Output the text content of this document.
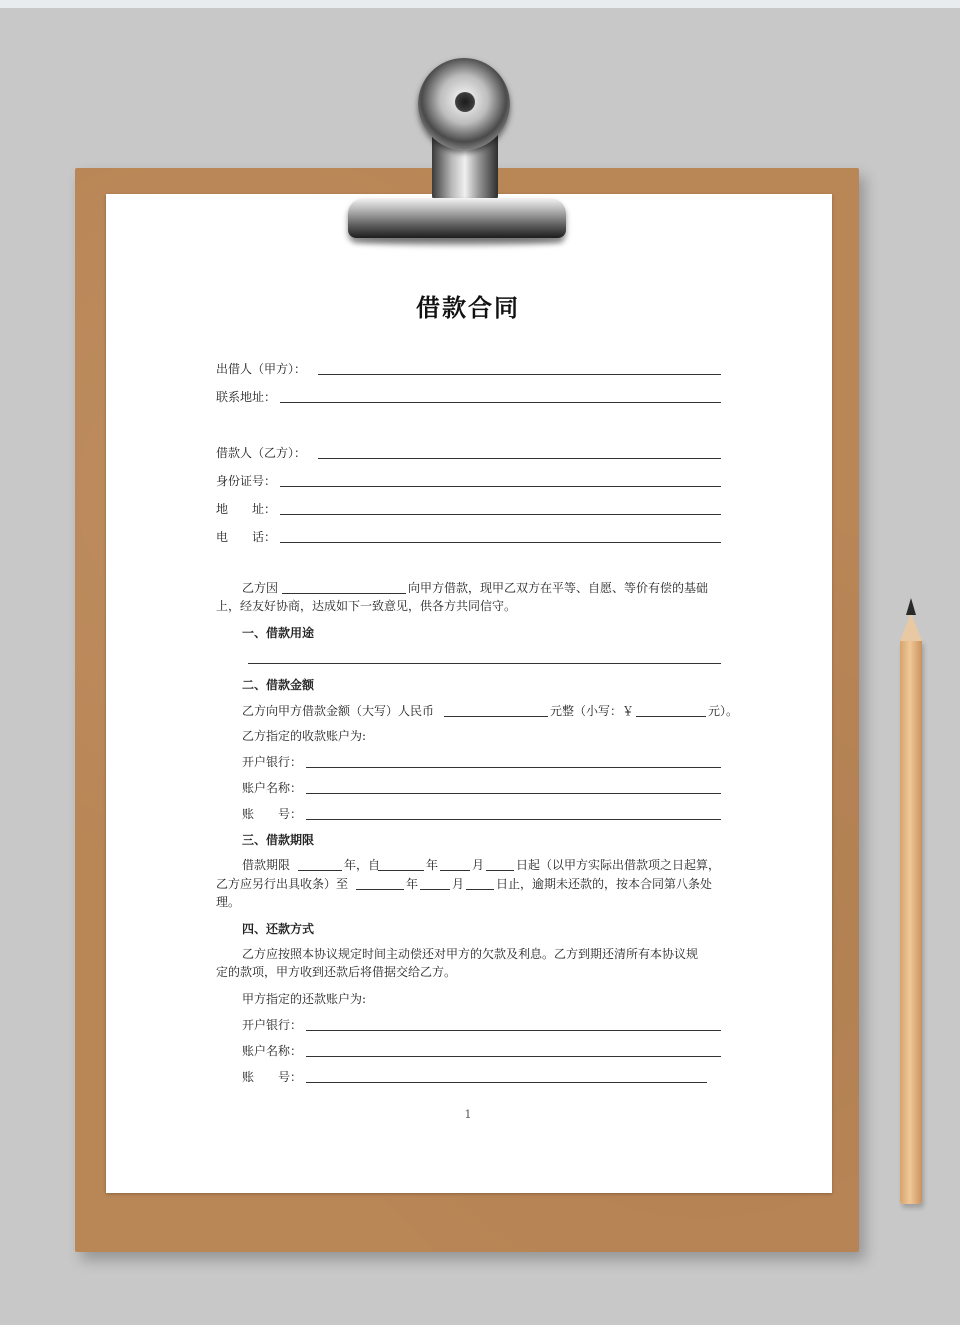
借款合同
出借人（甲方）：
联系地址：
借款人（乙方）：
身份证号：
地　　址：
电　　话：
乙方因	向甲方借款，现甲乙双方在平等、自愿、等价有偿的基础
上，经友好协商，达成如下一致意见，供各方共同信守。
一、借款用途
二、借款金额
乙方向甲方借款金额（大写）人民币	元整（小写：￥	元）。
乙方指定的收款账户为:
开户银行：
账户名称：
账　　号：
三、借款期限
借款期限	年，自	年	月	日起（以甲方实际出借款项之日起算，
乙方应另行出具收条）至	年	月	日止，逾期未还款的，按本合同第八条处
理。
四、还款方式
乙方应按照本协议规定时间主动偿还对甲方的欠款及利息。乙方到期还清所有本协议规
定的款项，甲方收到还款后将借据交给乙方。
甲方指定的还款账户为:
开户银行：
账户名称：
账　　号：
1
